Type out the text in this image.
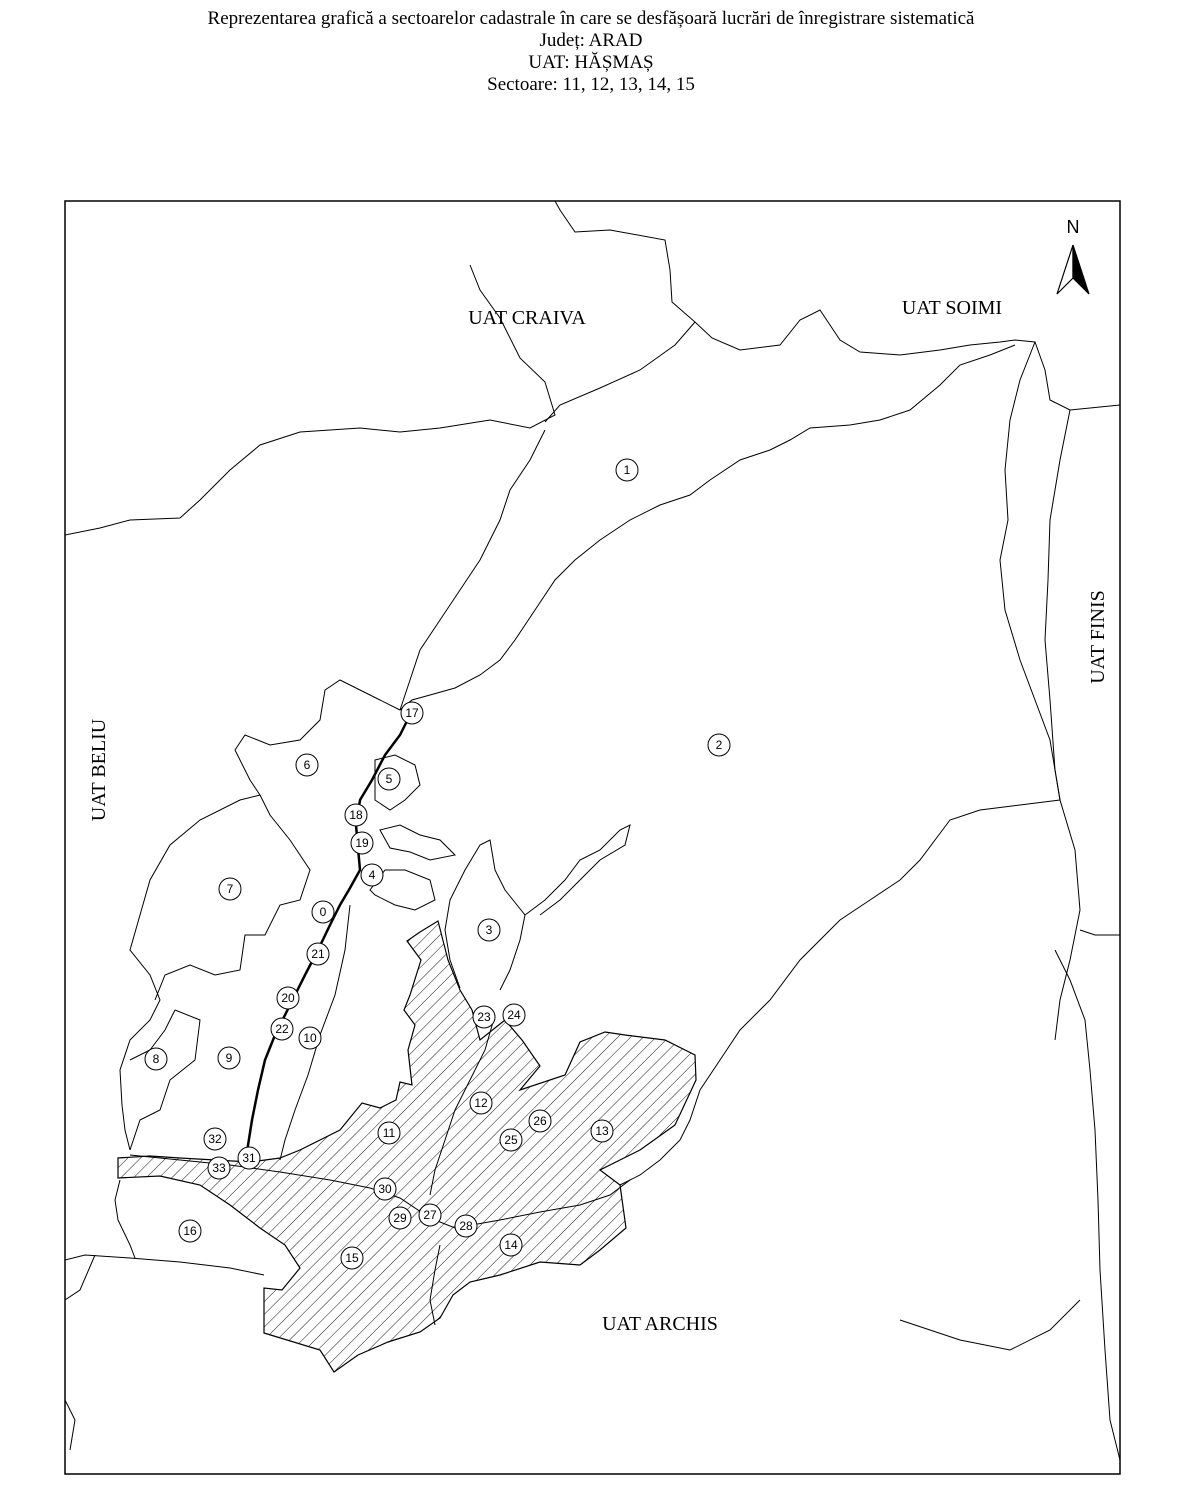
Reprezentarea grafică a sectoarelor cadastrale în care se desfășoară lucrări de înregistrare sistematică
Județ: ARAD
UAT: HĂȘMAȘ
Sectoare: 11, 12, 13, 14, 15
N
UAT CRAIVA	UAT SOIMI
UAT ARCHIS
UAT FINIS
UAT BELIU
1
2
3
4
5
6
7
8	9
10
11
12
13
14
15
16
17
18
19
0
20
21
22
23 24
25
26
27
28
29
30
31
32
33
